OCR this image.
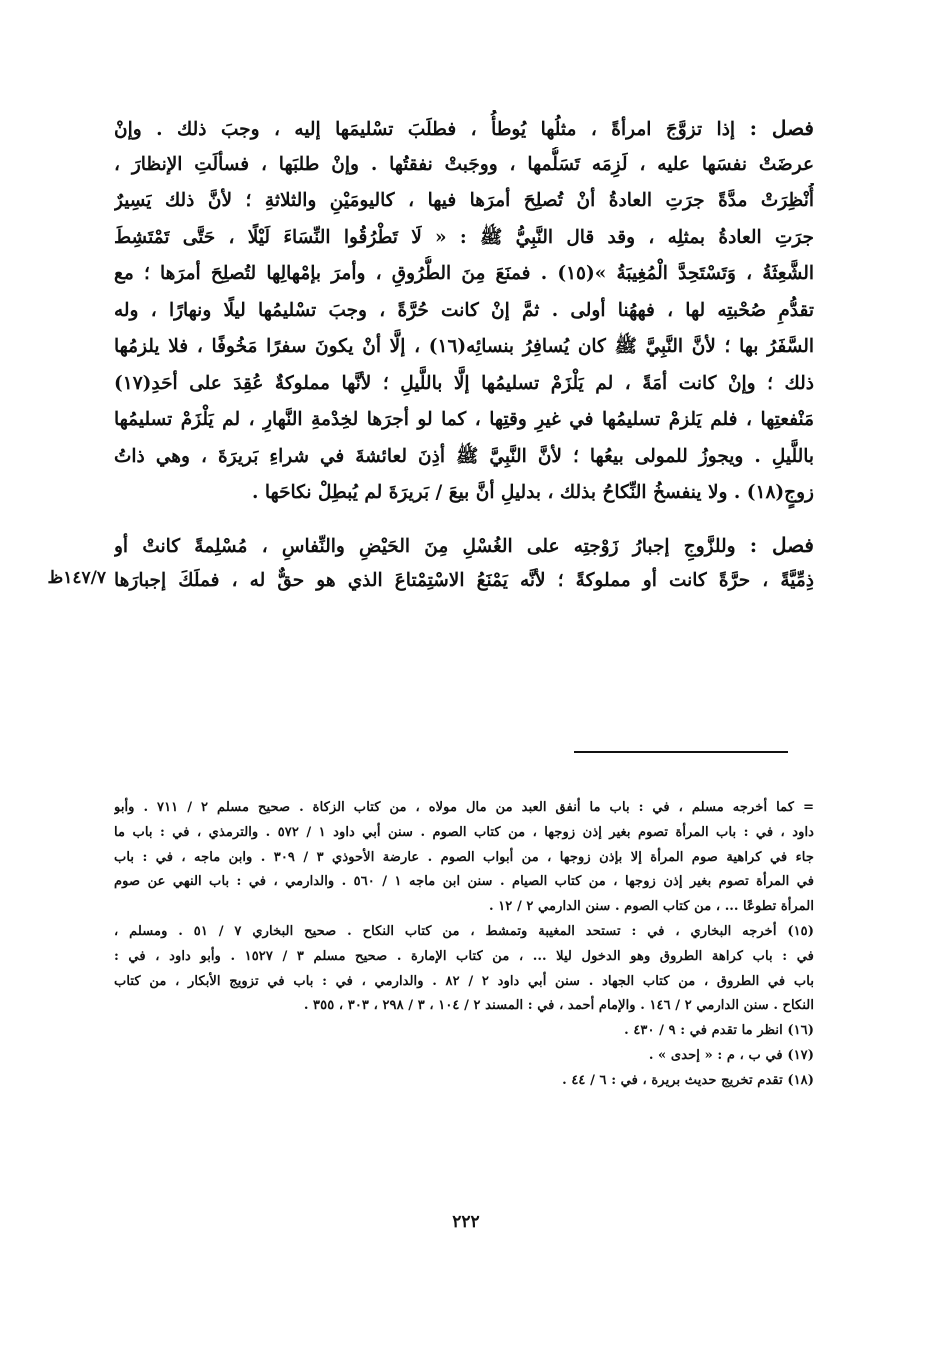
فصل : إذا تزوَّجَ امرأةً ، مثلُها يُوطأُ ، فطلَبَ تسْليمَها إليه ، وجبَ ذلك . وإنْ
عرضَتْ نفسَها عليه ، لَزِمَه تَسَلُّمها ، ووجَبتْ نفقتُها . وإنْ طلبَها ، فسألَتِ الإنظارَ ،
أُنْظِرَتْ مدَّةً جرَتِ العادةُ أنْ تُصلِحَ أمرَها فيها ، كاليومَيْنِ والثلاثةِ ؛ لأنَّ ذلك يَسِيرٌ
جرَتِ العادةُ بمثلِه ، وقد قال النَّبِيُّ ﷺ : « لَا تَطْرُقُوا النِّسَاءَ لَيْلًا ، حَتَّى تَمْتَشِطَ
الشَّعِثَةُ ، وَتَسْتَحِدَّ الْمُغِيبَةُ »(١٥) . فمنَعَ مِنَ الطُّرُوقِ ، وأمرَ بإمْهالِها لتُصلِحَ أمرَها ؛ مع
تقدُّمِ صُحْبتِه لها ، فههُنا أولى . ثمَّ إنْ كانت حُرَّةً ، وجبَ تسْليمُها ليلًا ونهارًا ، وله
السَّفَرُ بها ؛ لأنَّ النَّبِيَّ ﷺ كان يُسافِرُ بنسائِه(١٦) ، إلَّا أنْ يكونَ سفرًا مَخُوفًا ، فلا يلزمُها
ذلك ؛ وإنْ كانت أمَةً ، لم يَلْزَمْ تسليمُها إلَّا باللَّيلِ ؛ لأنَّها مملوكةٌ عُقِدَ على أحَدِ(١٧)
مَنْفعتِها ، فلم يَلزمْ تسليمُها في غيرِ وقتِها ، كما لو أجرَها لخِدْمةِ النَّهارِ ، لم يَلْزَمْ تسليمُها
باللَّيلِ . ويجوزُ للمولى بيعُها ؛ لأنَّ النَّبِيَّ ﷺ أذِنَ لعائشةَ في شراءِ بَريرَةَ ، وهي ذاتُ
زوجٍ(١٨) . ولا ينفسخُ النِّكاحُ بذلك ، بدليلِ أنَّ بيعَ / بَريرَةَ لم يُبطِلْ نكاحَها .
فصل : وللزَّوجِ إجبارُ زَوْجتِه على الغُسْلِ مِنَ الحَيْضِ والنِّفاسِ ، مُسْلِمةً كانتْ أو
ذِمِّيَّةً ، حرَّةً كانت أو مملوكةً ؛ لأنَّه يَمْنَعُ الاسْتِمْتاعَ الذي هو حقٌّ له ، فملَكَ إجبارَها
١٤٧/٧ظ
= كما أخرجه مسلم ، في : باب ما أنفق العبد من مال مولاه ، من كتاب الزكاة . صحيح مسلم ٢ / ٧١١ . وأبو
داود ، في : باب المرأة تصوم بغير إذن زوجها ، من كتاب الصوم . سنن أبي داود ١ / ٥٧٢ . والترمذي ، في : باب ما
جاء في كراهية صوم المرأة إلا بإذن زوجها ، من أبواب الصوم . عارضة الأحوذي ٣ / ٣٠٩ . وابن ماجه ، في : باب
في المرأة تصوم بغير إذن زوجها ، من كتاب الصيام . سنن ابن ماجه ١ / ٥٦٠ . والدارمي ، في : باب النهي عن صوم
المرأة تطوعًا ... ، من كتاب الصوم . سنن الدارمي ٢ / ١٢ .
(١٥) أخرجه البخاري ، في : تستحد المغيبة وتمشط ، من كتاب النكاح . صحيح البخاري ٧ / ٥١ . ومسلم ،
في : باب كراهة الطروق وهو الدخول ليلا ... ، من كتاب الإمارة . صحيح مسلم ٣ / ١٥٢٧ . وأبو داود ، في :
باب في الطروق ، من كتاب الجهاد . سنن أبي داود ٢ / ٨٢ . والدارمي ، في : باب في تزويج الأبكار ، من كتاب
النكاح . سنن الدارمي ٢ / ١٤٦ . والإمام أحمد ، في : المسند ٢ / ١٠٤ ، ٣ / ٢٩٨ ، ٣٠٣ ، ٣٥٥ .
(١٦) انظر ما تقدم في : ٩ / ٤٣٠ .
(١٧) في ب ، م : « إحدى » .
(١٨) تقدم تخريج حديث بريرة ، في : ٦ / ٤٤ .
٢٢٢
